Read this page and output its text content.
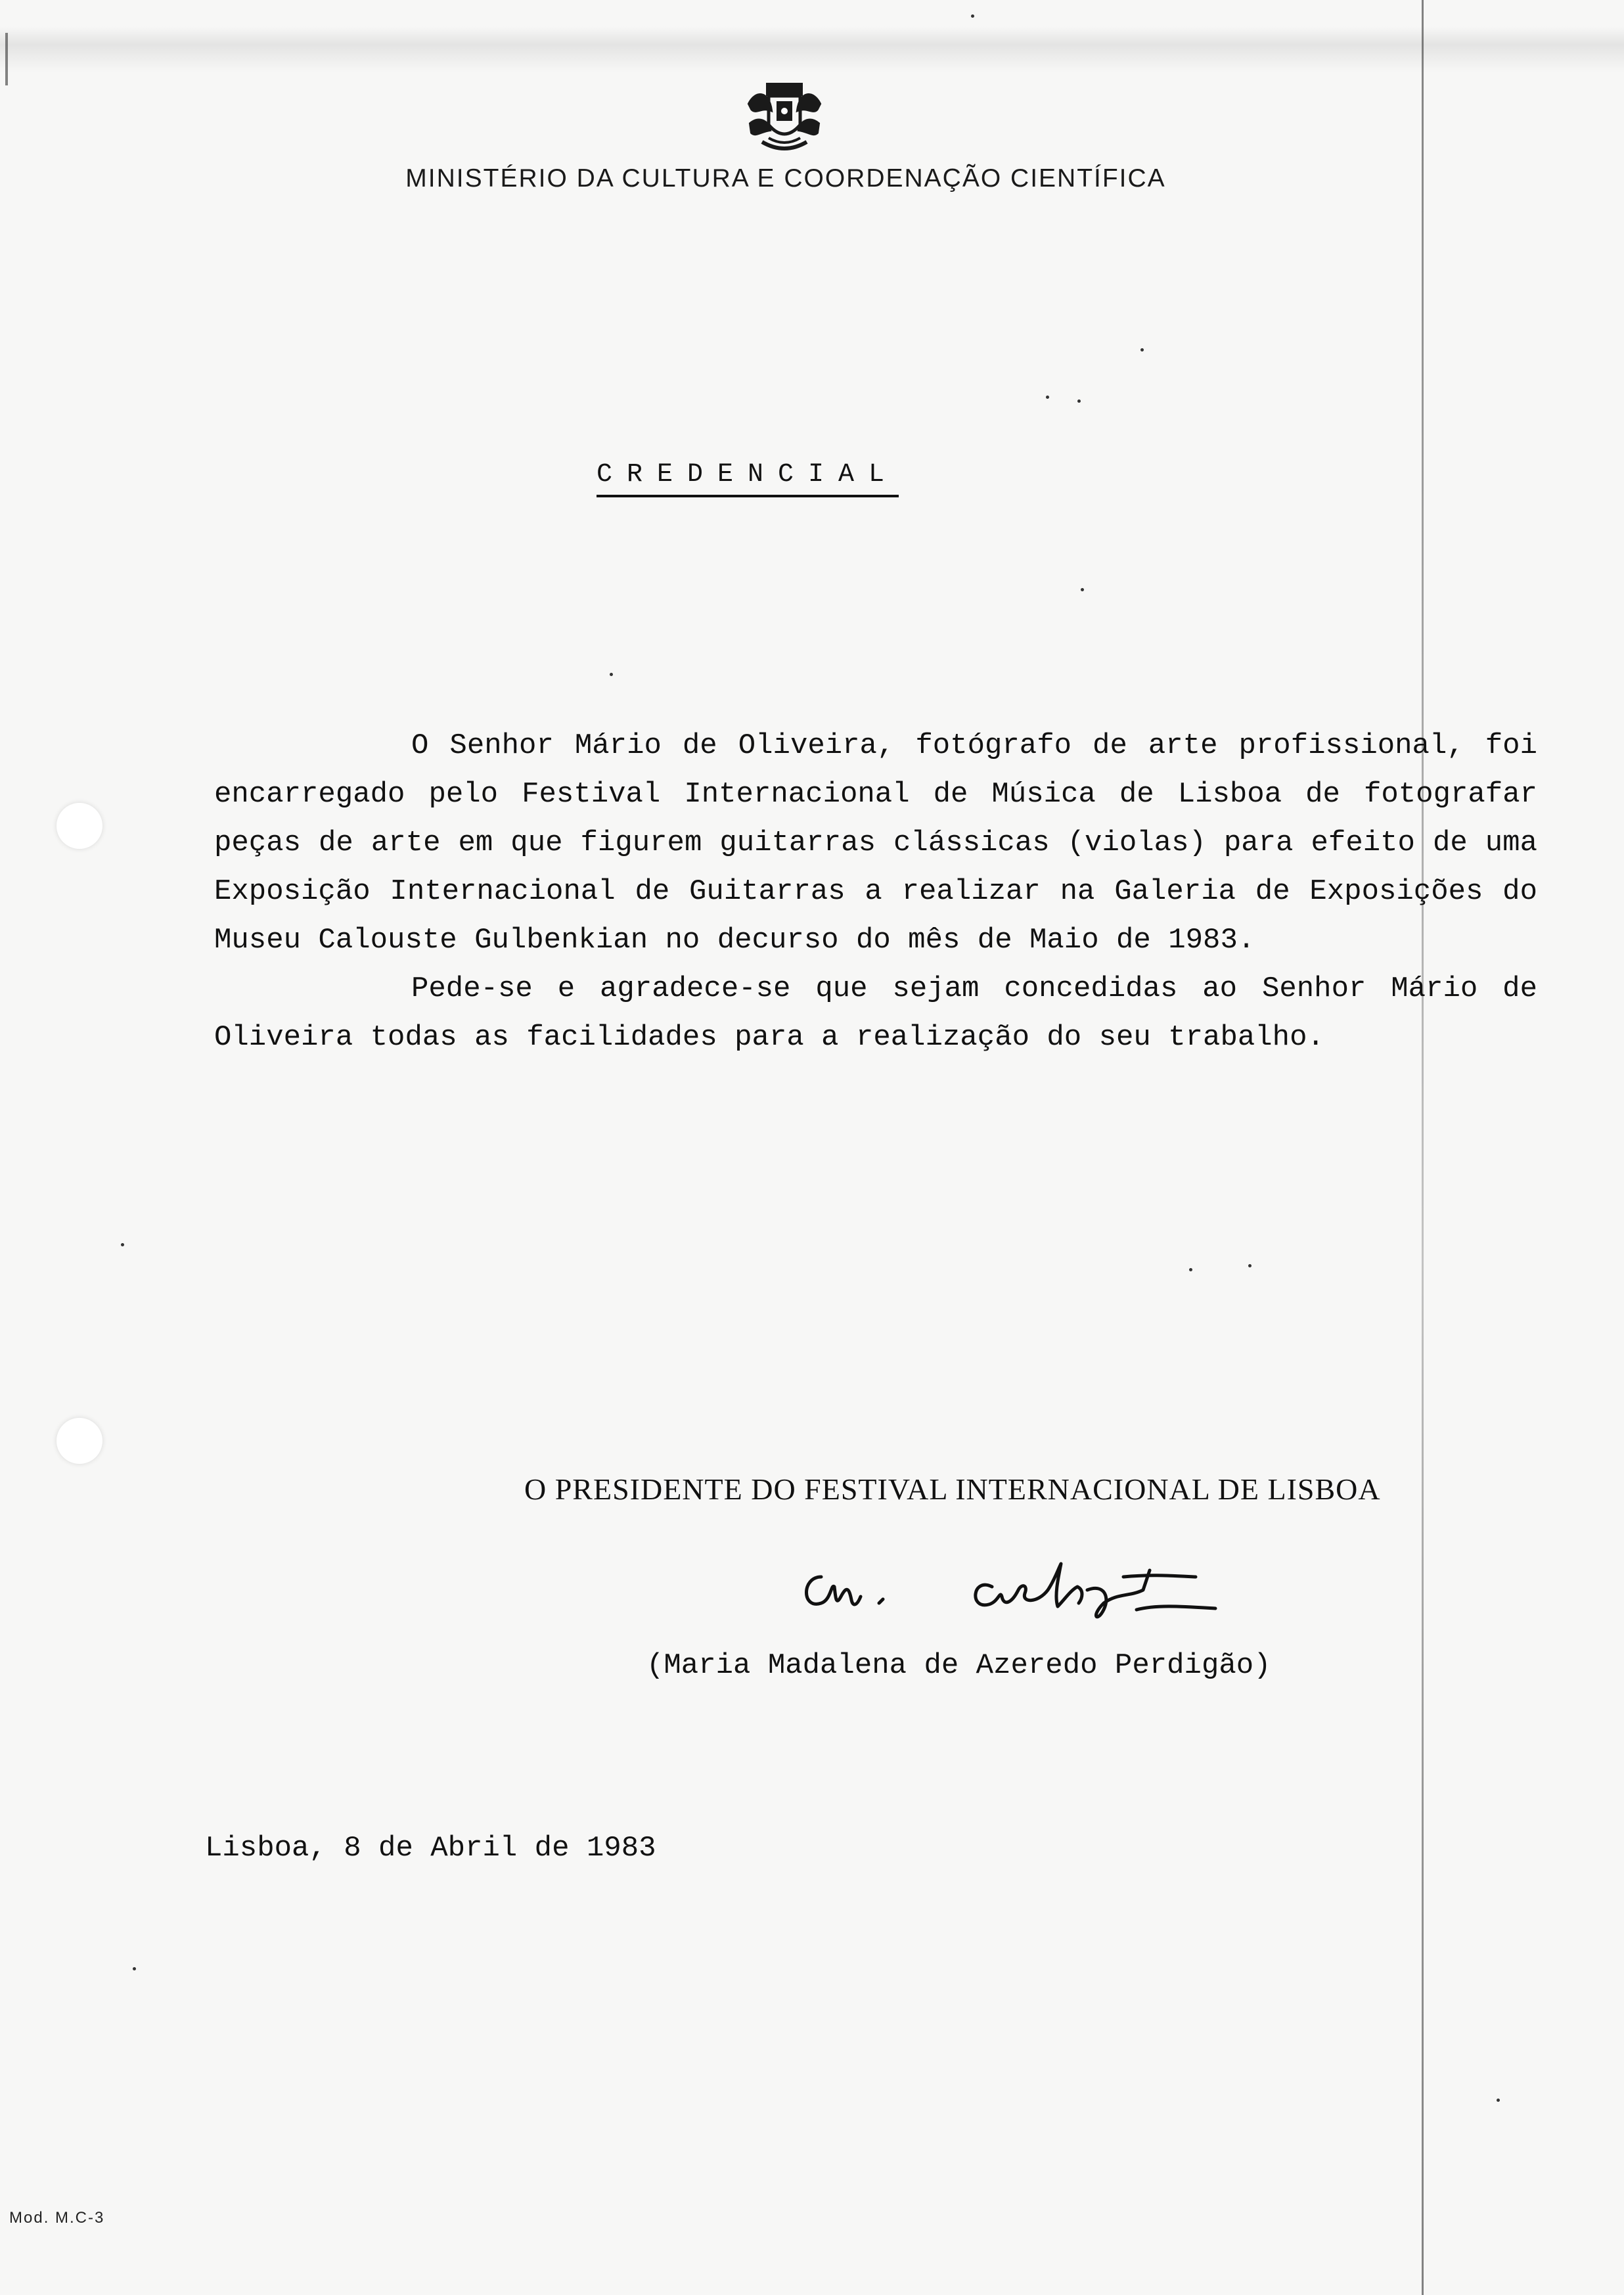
MINISTÉRIO DA CULTURA E COORDENAÇÃO CIENTÍFICA
CREDENCIAL

O Senhor Mário de Oliveira, fotógrafo de arte profissional, foi encarregado pelo Festival Internacional de Música de Lisboa de fotografar peças de arte em que figurem guitarras clássicas (violas) para efeito de uma Exposição Internacional de Guitarras a realizar na Galeria de Exposições do Museu Calouste Gulbenkian no decurso do mês de Maio de 1983.

Pede-se e agradece-se que sejam concedidas ao Senhor Mário de Oliveira todas as facilidades para a realização do seu trabalho.

O PRESIDENTE DO FESTIVAL INTERNACIONAL DE LISBOA
(Maria Madalena de Azeredo Perdigão)
Lisboa, 8 de Abril de 1983
Mod. M.C-3
